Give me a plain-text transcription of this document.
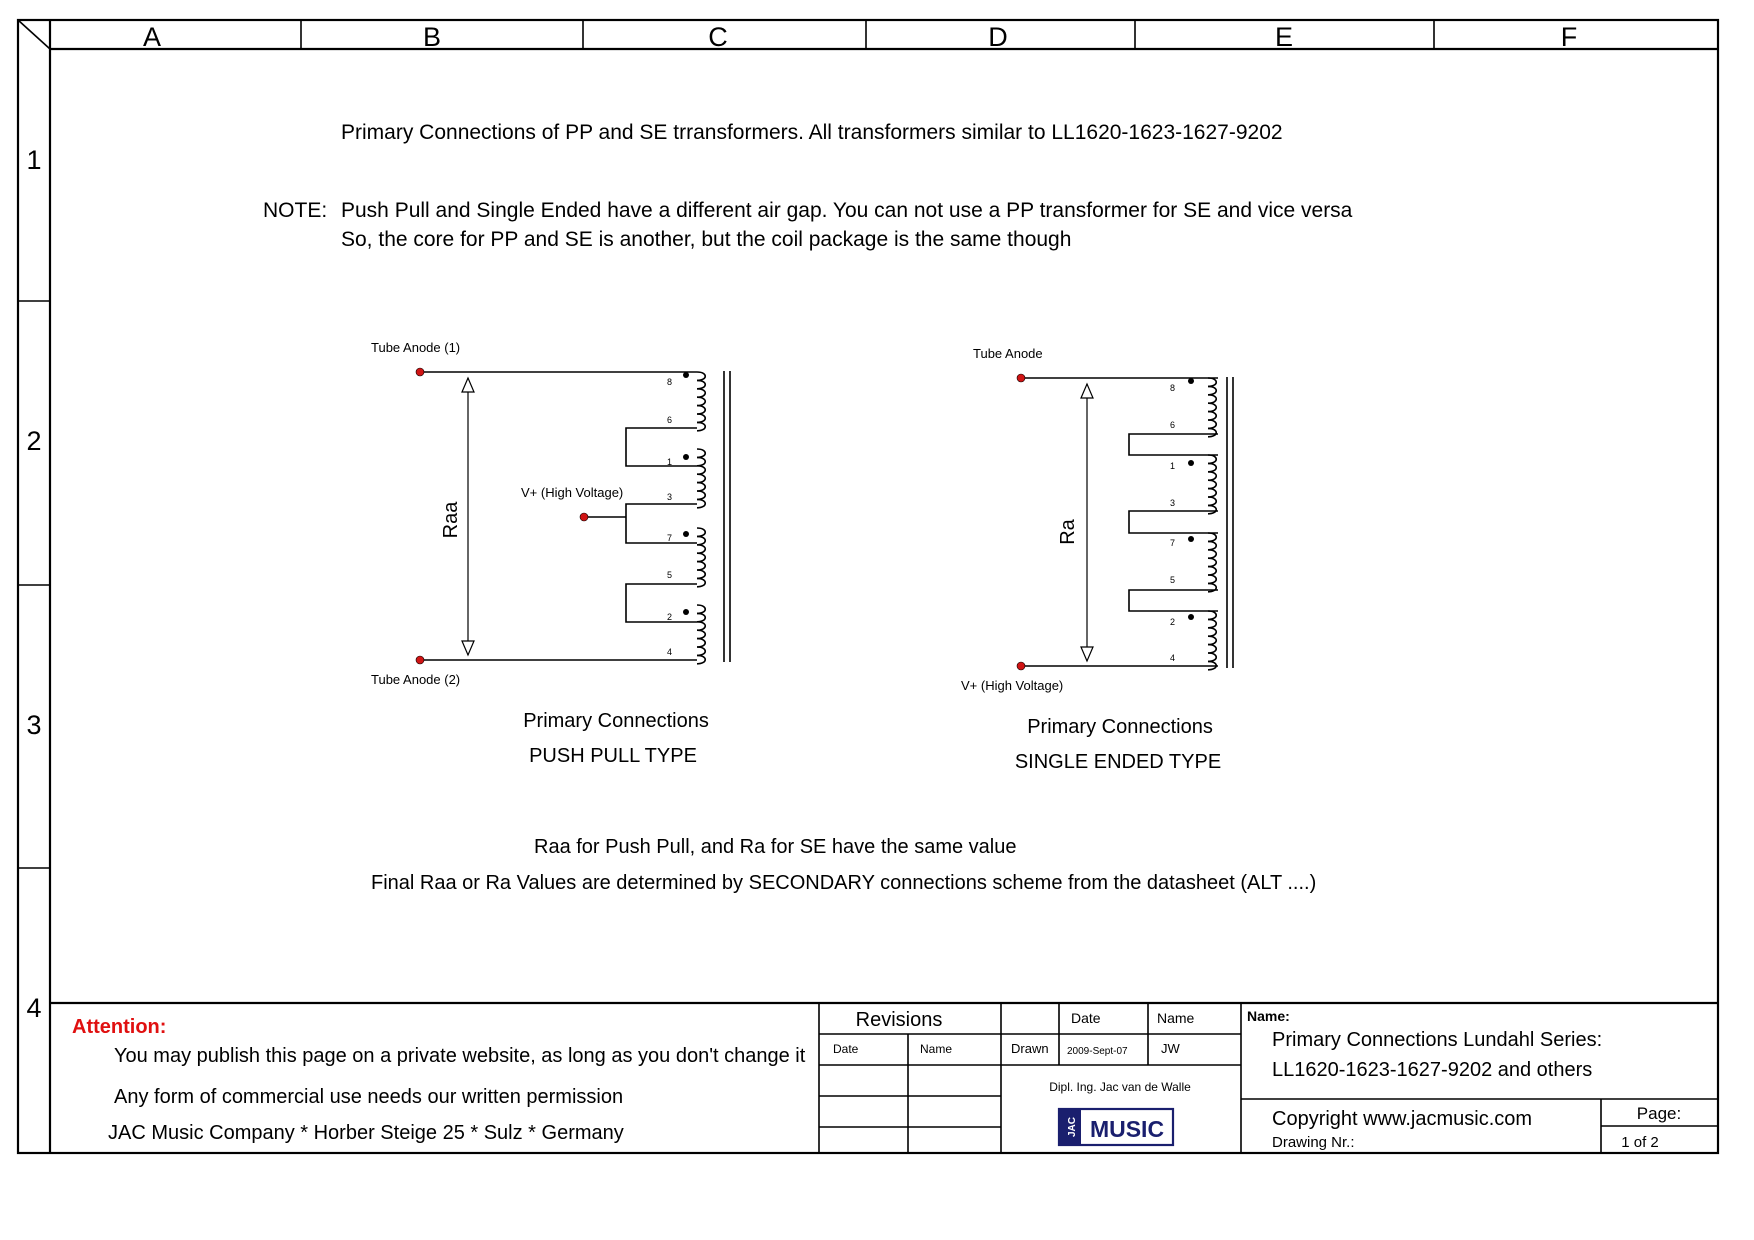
A	B	C	D	E	F
1
2
3
4
Primary Connections of PP and SE trransformers. All transformers similar to LL1620-1623-1627-9202
NOTE: Push Pull and Single Ended have a different air gap. You can not use a PP transformer for SE and vice versa
So, the core for PP and SE is another, but the coil package is the same though
Tube Anode (1)
Tube Anode (2)
V+ (High Voltage)
Raa
8
6
1
3
7
5
2
4
Primary Connections
PUSH PULL TYPE
Tube Anode
V+ (High Voltage)
Ra
8
6
1
3
7
5
2
4
Primary Connections
SINGLE ENDED TYPE
Raa for Push Pull, and Ra for SE have the same value
Final Raa or Ra Values are determined by SECONDARY connections scheme from the datasheet (ALT ....)
Attention:
You may publish this page on a private website, as long as you don't change it
Any form of commercial use needs our written permission
JAC Music Company * Horber Steige 25 * Sulz * Germany
Revisions
Date	Name
Date	Name
Drawn 2009-Sept-07	JW
Dipl. Ing. Jac van de Walle
JAC MUSIC
Name:
Primary Connections Lundahl Series:
LL1620-1623-1627-9202 and others
Copyright www.jacmusic.com
Drawing Nr.:
Page:
1 of 2
